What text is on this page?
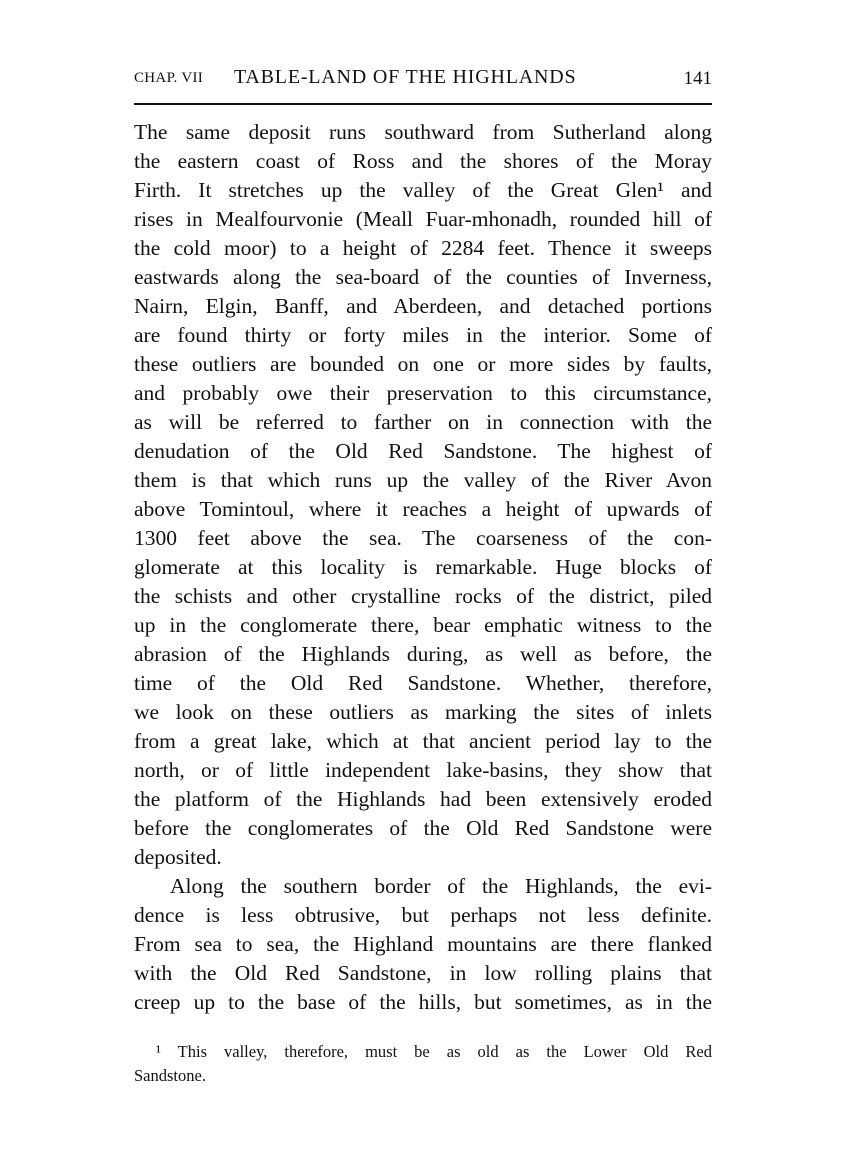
CHAP. VII TABLE-LAND OF THE HIGHLANDS	141
The same deposit runs southward from Sutherland along
the eastern coast of Ross and the shores of the Moray
Firth. It stretches up the valley of the Great Glen¹ and
rises in Mealfourvonie (Meall Fuar-mhonadh, rounded hill of
the cold moor) to a height of 2284 feet. Thence it sweeps
eastwards along the sea-board of the counties of Inverness,
Nairn, Elgin, Banff, and Aberdeen, and detached portions
are found thirty or forty miles in the interior. Some of
these outliers are bounded on one or more sides by faults,
and probably owe their preservation to this circumstance,
as will be referred to farther on in connection with the
denudation of the Old Red Sandstone. The highest of
them is that which runs up the valley of the River Avon
above Tomintoul, where it reaches a height of upwards of
1300 feet above the sea. The coarseness of the con-
glomerate at this locality is remarkable. Huge blocks of
the schists and other crystalline rocks of the district, piled
up in the conglomerate there, bear emphatic witness to the
abrasion of the Highlands during, as well as before, the
time of the Old Red Sandstone. Whether, therefore,
we look on these outliers as marking the sites of inlets
from a great lake, which at that ancient period lay to the
north, or of little independent lake-basins, they show that
the platform of the Highlands had been extensively eroded
before the conglomerates of the Old Red Sandstone were
deposited.
Along the southern border of the Highlands, the evi-
dence is less obtrusive, but perhaps not less definite.
From sea to sea, the Highland mountains are there flanked
with the Old Red Sandstone, in low rolling plains that
creep up to the base of the hills, but sometimes, as in the
¹ This valley, therefore, must be as old as the Lower Old Red
Sandstone.
